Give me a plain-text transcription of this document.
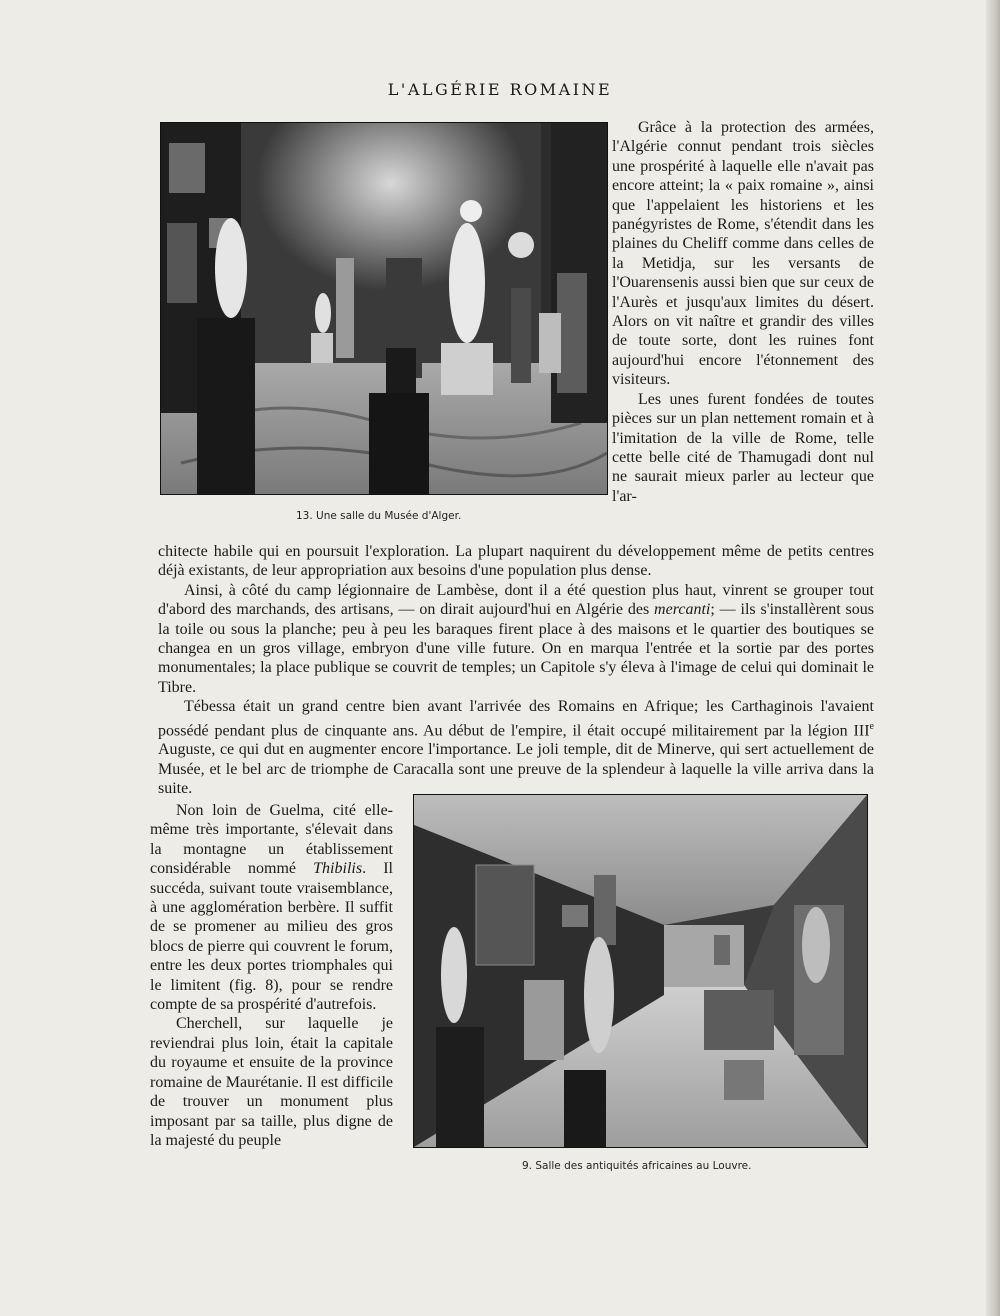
L'ALGÉRIE ROMAINE
13. Une salle du Musée d'Alger.

Grâce à la protection des armées, l'Algérie connut pendant trois siècles une prospérité à laquelle elle n'avait pas encore atteint; la « paix romaine », ainsi que l'appelaient les historiens et les panégyristes de Rome, s'étendit dans les plaines du Cheliff comme dans celles de la Metidja, sur les versants de l'Ouarensenis aussi bien que sur ceux de l'Aurès et jusqu'aux limites du désert. Alors on vit naître et grandir des villes de toute sorte, dont les ruines font aujourd'hui encore l'étonnement des visiteurs.

Les unes furent fondées de toutes pièces sur un plan nettement romain et à l'imitation de la ville de Rome, telle cette belle cité de Thamugadi dont nul ne saurait mieux parler au lecteur que l'ar-

chitecte habile qui en poursuit l'exploration. La plupart naquirent du développement même de petits centres déjà existants, de leur appropriation aux besoins d'une population plus dense.

Ainsi, à côté du camp légionnaire de Lambèse, dont il a été question plus haut, vinrent se grouper tout d'abord des marchands, des artisans, — on dirait aujourd'hui en Algérie des mercanti; — ils s'installèrent sous la toile ou sous la planche; peu à peu les baraques firent place à des maisons et le quartier des boutiques se changea en un gros village, embryon d'une ville future. On en marqua l'entrée et la sortie par des portes monumentales; la place publique se couvrit de temples; un Capitole s'y éleva à l'image de celui qui dominait le Tibre.

Tébessa était un grand centre bien avant l'arrivée des Romains en Afrique; les Carthaginois l'avaient possédé pendant plus de cinquante ans. Au début de l'empire, il était occupé militairement par la légion IIIe Auguste, ce qui dut en augmenter encore l'importance. Le joli temple, dit de Minerve, qui sert actuellement de Musée, et le bel arc de triomphe de Caracalla sont une preuve de la splendeur à laquelle la ville arriva dans la suite.

Non loin de Guelma, cité elle-même très importante, s'élevait dans la montagne un établissement considérable nommé Thibilis. Il succéda, suivant toute vraisemblance, à une agglomération berbère. Il suffit de se promener au milieu des gros blocs de pierre qui couvrent le forum, entre les deux portes triomphales qui le limitent (fig. 8), pour se rendre compte de sa prospérité d'autrefois.

Cherchell, sur laquelle je reviendrai plus loin, était la capitale du royaume et ensuite de la province romaine de Maurétanie. Il est difficile de trouver un monument plus imposant par sa taille, plus digne de la majesté du peuple

9. Salle des antiquités africaines au Louvre.
